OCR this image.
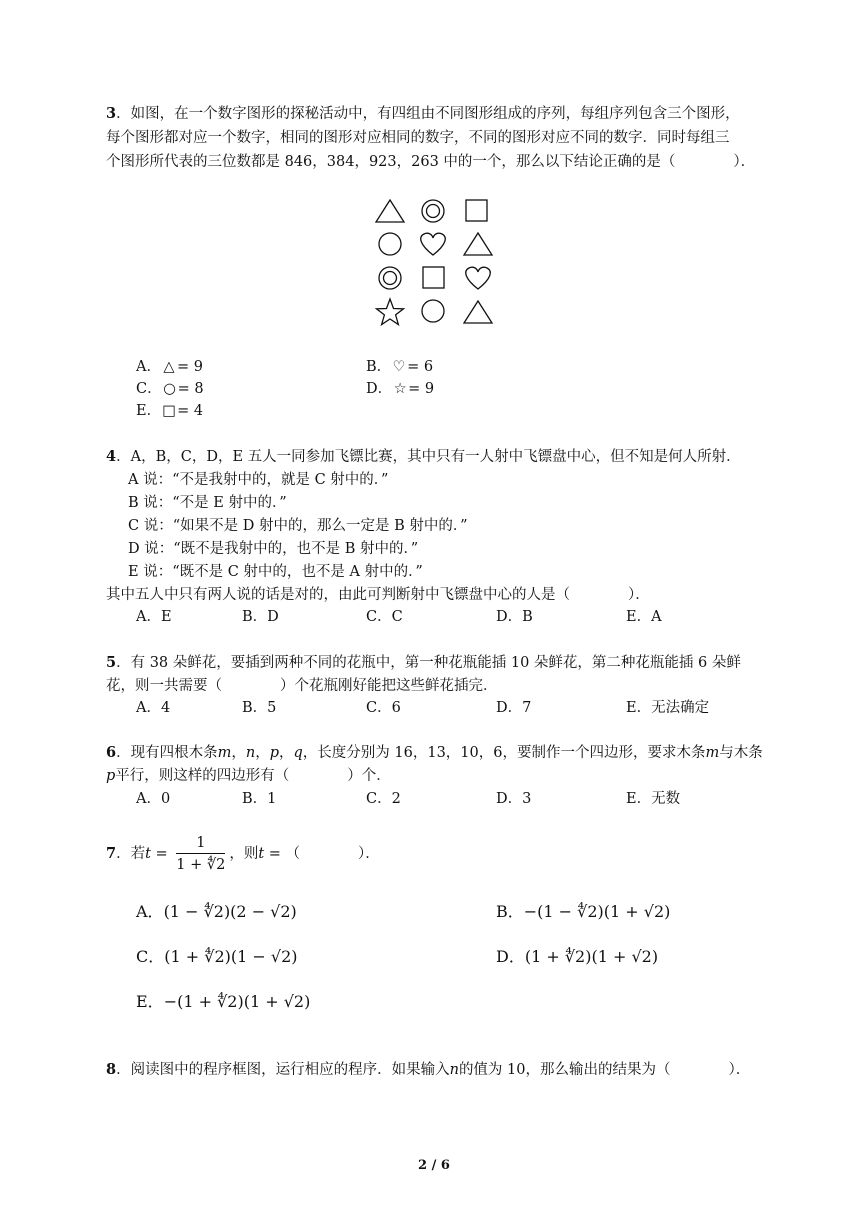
3．如图，在一个数字图形的探秘活动中，有四组由不同图形组成的序列，每组序列包含三个图形，
每个图形都对应一个数字，相同的图形对应相同的数字，不同的图形对应不同的数字．同时每组三
个图形所代表的三位数都是 846，384，923，263 中的一个，那么以下结论正确的是（　　　　）．
A． △ = 9	B． ♡ = 6
C． ○ = 8	D． ☆ = 9
E．□= 4
4．A，B，C，D，E 五人一同参加飞镖比赛，其中只有一人射中飞镖盘中心，但不知是何人所射．
A 说：“不是我射中的，就是 C 射中的．”
B 说：“不是 E 射中的．”
C 说：“如果不是 D 射中的，那么一定是 B 射中的．”
D 说：“既不是我射中的，也不是 B 射中的．”
E 说：“既不是 C 射中的，也不是 A 射中的．”
其中五人中只有两人说的话是对的，由此可判断射中飞镖盘中心的人是（　　　　）．
A．E	B．D	C．C	D．B	E．A
5．有 38 朵鲜花，要插到两种不同的花瓶中，第一种花瓶能插 10 朵鲜花，第二种花瓶能插 6 朵鲜
花，则一共需要（　　　　）个花瓶刚好能把这些鲜花插完．
A．4	B．5	C．6	D．7	E．无法确定
6．现有四根木条m，n，p，q，长度分别为 16，13，10，6，要制作一个四边形，要求木条m与木条
p平行，则这样的四边形有（　　　　）个．
A．0	B．1	C．2	D．3	E．无数
7．若$t = \frac{1}{1 + ∜2}$ ，则t = （　　　　）．
A．(1 − ∜2)(2 − √2)	B．−(1 − ∜2)(1 + √2)
C．(1 + ∜2)(1 − √2)	D．(1 + ∜2)(1 + √2)
E．−(1 + ∜2)(1 + √2)
8．阅读图中的程序框图，运行相应的程序．如果输入n的值为 10，那么输出的结果为（　　　　）．
2 / 6
